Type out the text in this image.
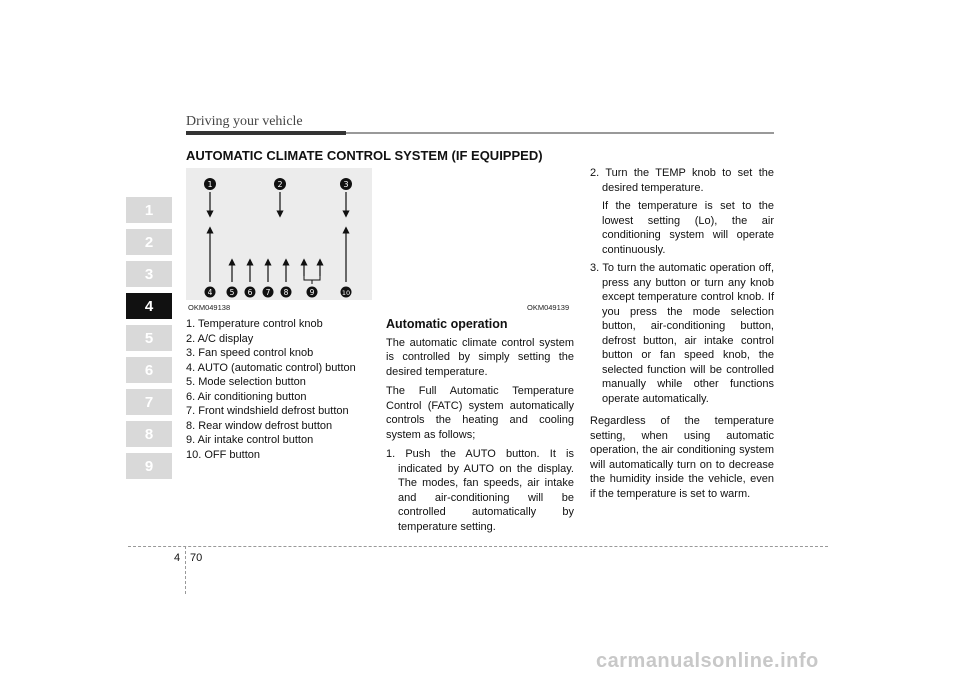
Driving your vehicle
AUTOMATIC CLIMATE CONTROL SYSTEM (IF EQUIPPED)
1
2
3
4
5
6
7
8
9
1	2	3
4 5 6 7 8	9	10
OKM049138	OKM049139

1. Temperature control knob

2. A/C display

3. Fan speed control knob

4. AUTO (automatic control) button

5. Mode selection button

6. Air conditioning button

7. Front windshield defrost button

8. Rear window defrost button

9. Air intake control button

10. OFF button

Automatic operation

The automatic climate control system is controlled by simply setting the desired temperature.

The Full Automatic Temperature Control (FATC) system automatically controls the heating and cooling system as follows;

1. Push the AUTO button. It is indicated by AUTO on the display. The modes, fan speeds, air intake and air-conditioning will be controlled automatically by temperature setting.

2. Turn the TEMP knob to set the desired temperature.

If the temperature is set to the lowest setting (Lo), the air conditioning system will operate continuously.

3. To turn the automatic operation off, press any button or turn any knob except temperature control knob. If you press the mode selection button, air-conditioning button, defrost button, air intake control button or fan speed knob, the selected function will be controlled manually while other functions operate automatically.

Regardless of the temperature setting, when using automatic operation, the air conditioning system will automatically turn on to decrease the humidity inside the vehicle, even if the temperature is set to warm.

4 70
carmanualsonline.info
